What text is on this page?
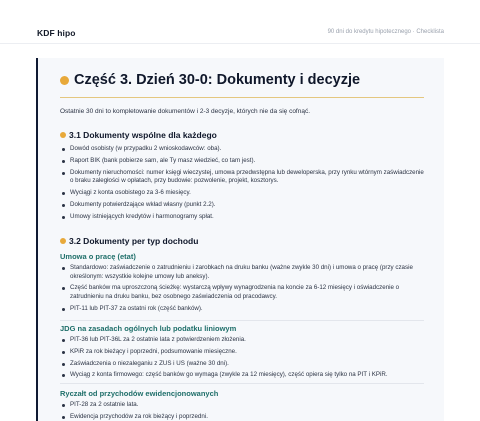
KDF hipo	90 dni do kredytu hipotecznego · Checklista
Część 3. Dzień 30-0: Dokumenty i decyzje

Ostatnie 30 dni to kompletowanie dokumentów i 2-3 decyzje, których nie da się cofnąć.

3.1 Dokumenty wspólne dla każdego
Dowód osobisty (w przypadku 2 wnioskodawców: oba).
Raport BIK (bank pobierze sam, ale Ty masz wiedzieć, co tam jest).
Dokumenty nieruchomości: numer księgi wieczystej, umowa przedwstępna lub deweloperska, przy rynku wtórnym zaświadczenie o braku zaległości w opłatach, przy budowie: pozwolenie, projekt, kosztorys.
Wyciągi z konta osobistego za 3-6 miesięcy.
Dokumenty potwierdzające wkład własny (punkt 2.2).
Umowy istniejących kredytów i harmonogramy spłat.
3.2 Dokumenty per typ dochodu
Umowa o pracę (etat)
Standardowo: zaświadczenie o zatrudnieniu i zarobkach na druku banku (ważne zwykle 30 dni) i umowa o pracę (przy czasie określonym: wszystkie kolejne umowy lub aneksy).
Część banków ma uproszczoną ścieżkę: wystarczą wpływy wynagrodzenia na koncie za 6-12 miesięcy i oświadczenie o zatrudnieniu na druku banku, bez osobnego zaświadczenia od pracodawcy.
PIT-11 lub PIT-37 za ostatni rok (część banków).
JDG na zasadach ogólnych lub podatku liniowym
PIT-36 lub PIT-36L za 2 ostatnie lata z potwierdzeniem złożenia.
KPiR za rok bieżący i poprzedni, podsumowanie miesięczne.
Zaświadczenia o niezaleganiu z ZUS i US (ważne 30 dni).
Wyciąg z konta firmowego: część banków go wymaga (zwykle za 12 miesięcy), część opiera się tylko na PIT i KPiR.
Ryczałt od przychodów ewidencjonowanych
PIT-28 za 2 ostatnie lata.
Ewidencja przychodów za rok bieżący i poprzedni.
